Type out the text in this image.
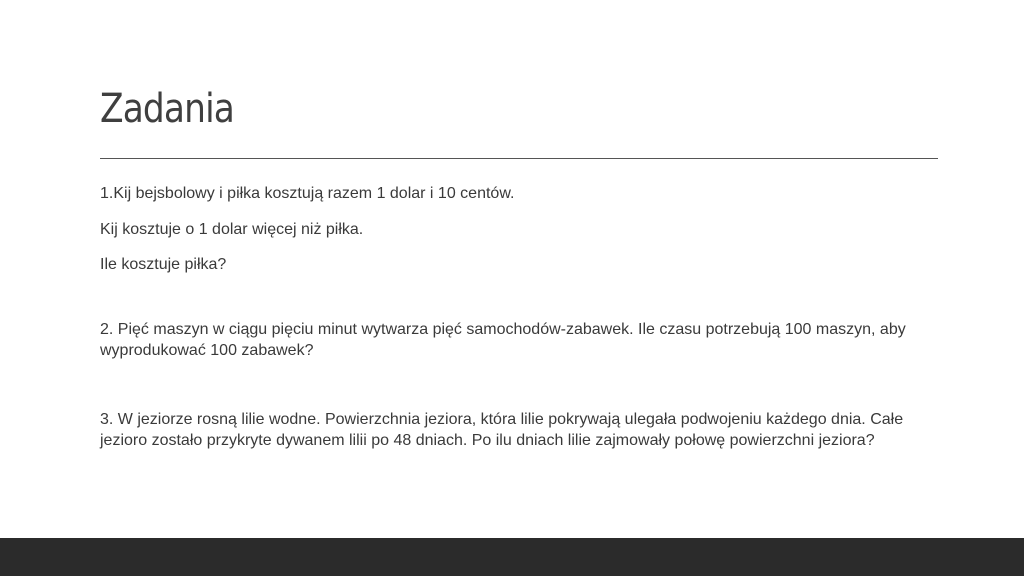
Zadania

1.Kij bejsbolowy i piłka kosztują razem 1 dolar i 10 centów.

Kij kosztuje o 1 dolar więcej niż piłka.

Ile kosztuje piłka?

2. Pięć maszyn w ciągu pięciu minut wytwarza pięć samochodów-zabawek. Ile czasu potrzebują 100 maszyn, aby wyprodukować 100 zabawek?

3. W jeziorze rosną lilie wodne. Powierzchnia jeziora, która lilie pokrywają ulegała podwojeniu każdego dnia. Całe jezioro zostało przykryte dywanem lilii po 48 dniach. Po ilu dniach lilie zajmowały połowę powierzchni jeziora?
